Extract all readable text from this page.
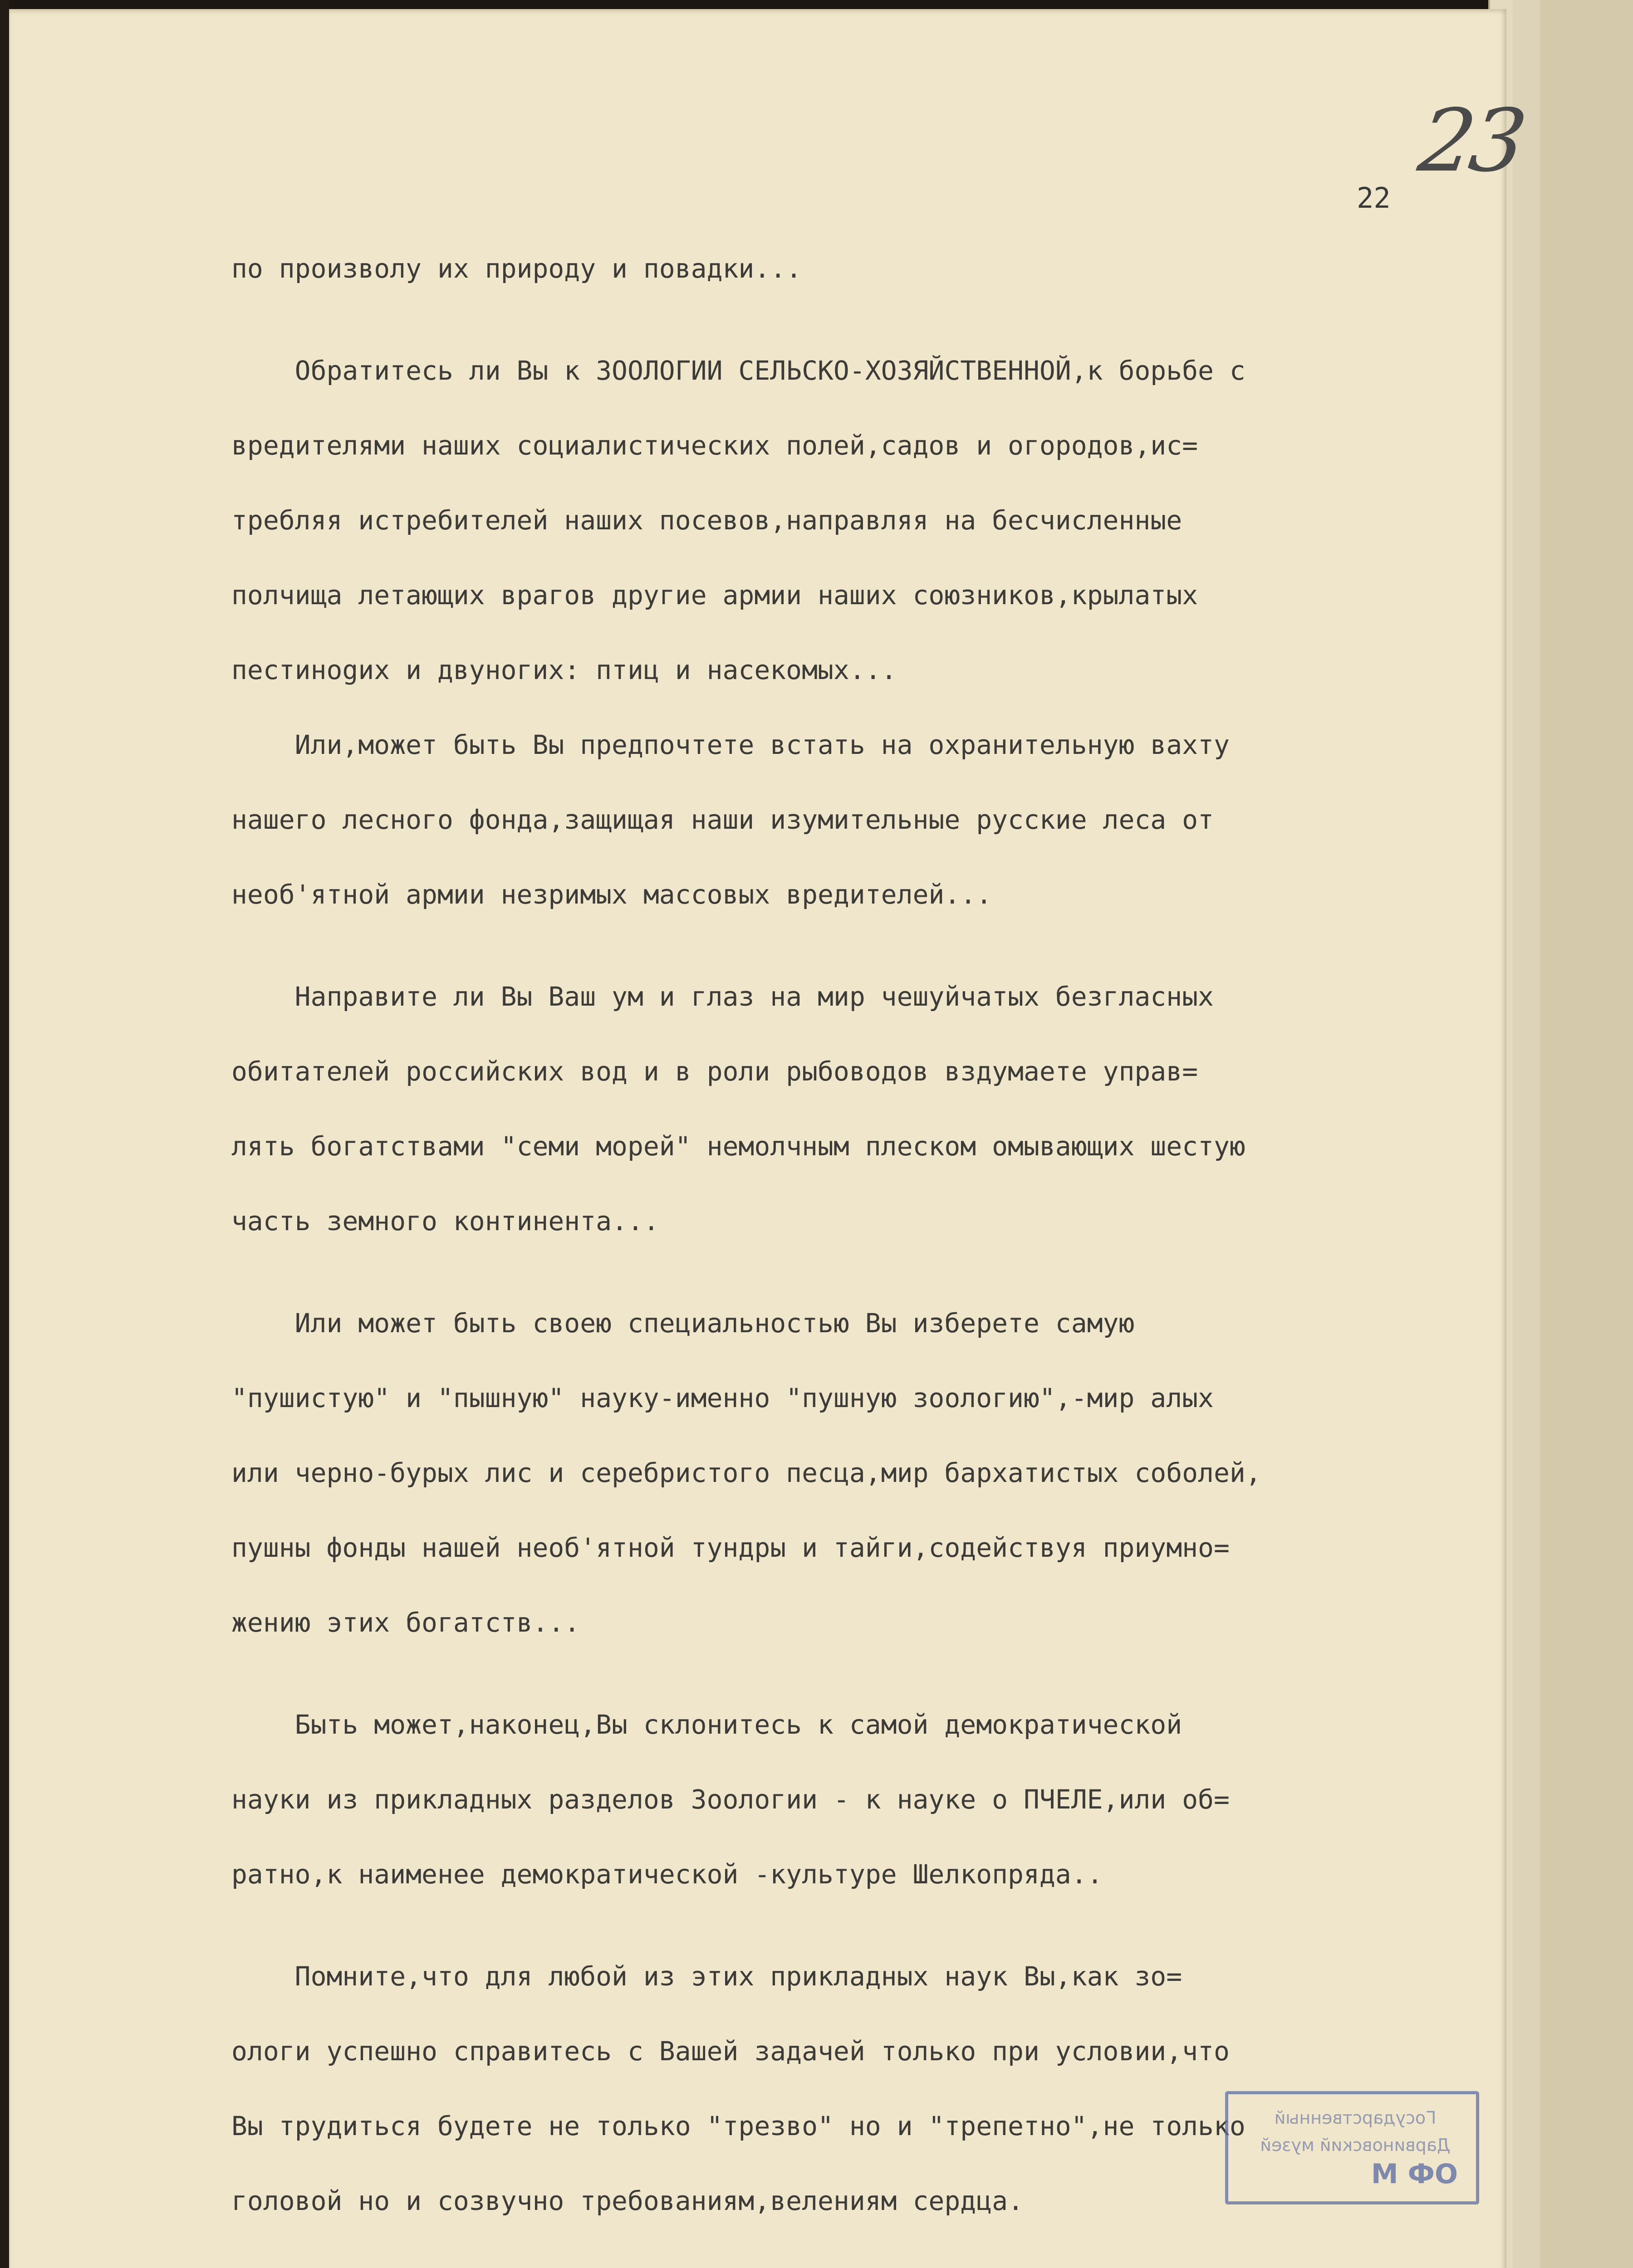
23
22
по произволу их природу и повадки...
Обратитесь ли Вы к ЗООЛОГИИ СЕЛЬСКО-ХОЗЯЙСТВЕННОЙ,к борьбе с
вредителями наших социалистических полей,садов и огородов,ис=
требляя истребителей наших посевов,направляя на бесчисленные
полчища летающих врагов другие армии наших союзников,крылатых
пестинogих и двуногих: птиц и насекомых...
Или,может быть Вы предпочтете встать на охранительную вахту
нашего лесного фонда,защищая наши изумительные русские леса от
необ'ятной армии незримых массовых вредителей...
Направите ли Вы Ваш ум и глаз на мир чешуйчатых безгласных
обитателей российских вод и в роли рыбоводов вздумаете управ=
лять богатствами "семи морей" немолчным плеском омывающих шестую
часть земного континента...
Или может быть своею специальностью Вы изберете самую
"пушистую" и "пышную" науку-именно "пушную зоологию",-мир алых
или черно-бурых лис и серебристого песца,мир бархатистых соболей,
пушны фонды нашей необ'ятной тундры и тайги,содействуя приумно=
жению этих богатств...
Быть может,наконец,Вы склонитесь к самой демократической
науки из прикладных разделов Зоологии - к науке о ПЧЕЛЕ,или об=
ратно,к наименее демократической -культуре Шелкопряда..
Помните,что для любой из этих прикладных наук Вы,как зо=
ологи успешно справитесь с Вашей задачей только при условии,что
Вы трудиться будете не только "трезво" но и "трепетно",не только
головой но и созвучно требованиям,велениям сердца.
Государственный
Дарвиновский музей
М ФО
